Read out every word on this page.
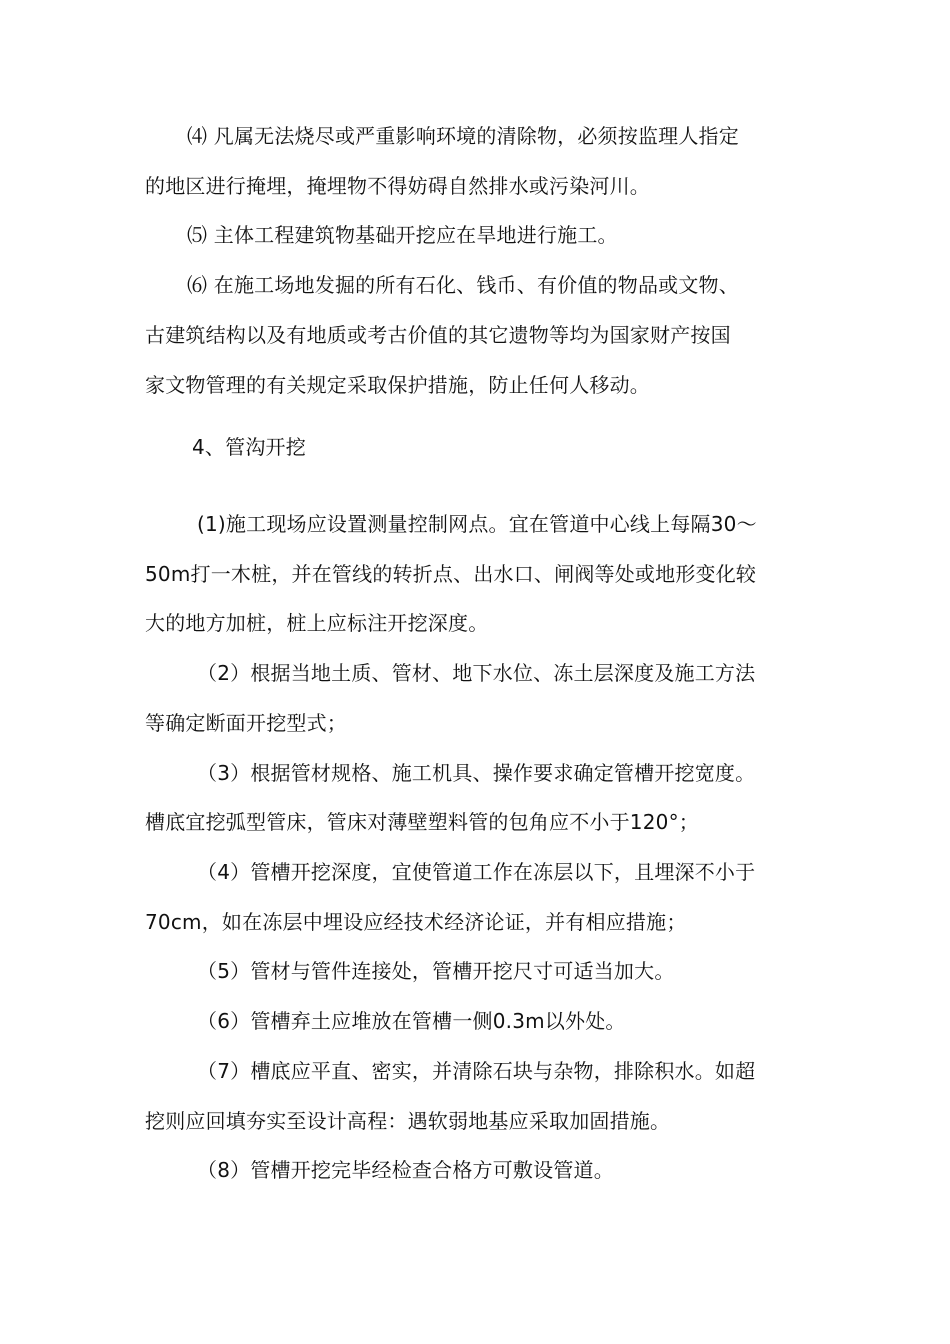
⑷ 凡属无法烧尽或严重影响环境的清除物，必须按监理人指定
的地区进行掩埋，掩埋物不得妨碍自然排水或污染河川。
⑸ 主体工程建筑物基础开挖应在旱地进行施工。
⑹ 在施工场地发掘的所有石化、钱币、有价值的物品或文物、
古建筑结构以及有地质或考古价值的其它遗物等均为国家财产按国
家文物管理的有关规定采取保护措施，防止任何人移动。
4、管沟开挖
(1)施工现场应设置测量控制网点。宜在管道中心线上每隔30～
50m打一木桩，并在管线的转折点、出水口、闸阀等处或地形变化较
大的地方加桩，桩上应标注开挖深度。
（2）根据当地土质、管材、地下水位、冻土层深度及施工方法
等确定断面开挖型式；
（3）根据管材规格、施工机具、操作要求确定管槽开挖宽度。
槽底宜挖弧型管床，管床对薄壁塑料管的包角应不小于120°；
（4）管槽开挖深度，宜使管道工作在冻层以下，且埋深不小于
70cm，如在冻层中埋设应经技术经济论证，并有相应措施；
（5）管材与管件连接处，管槽开挖尺寸可适当加大。
（6）管槽弃土应堆放在管槽一侧0.3m以外处。
（7）槽底应平直、密实，并清除石块与杂物，排除积水。如超
挖则应回填夯实至设计高程：遇软弱地基应采取加固措施。
（8）管槽开挖完毕经检查合格方可敷设管道。
